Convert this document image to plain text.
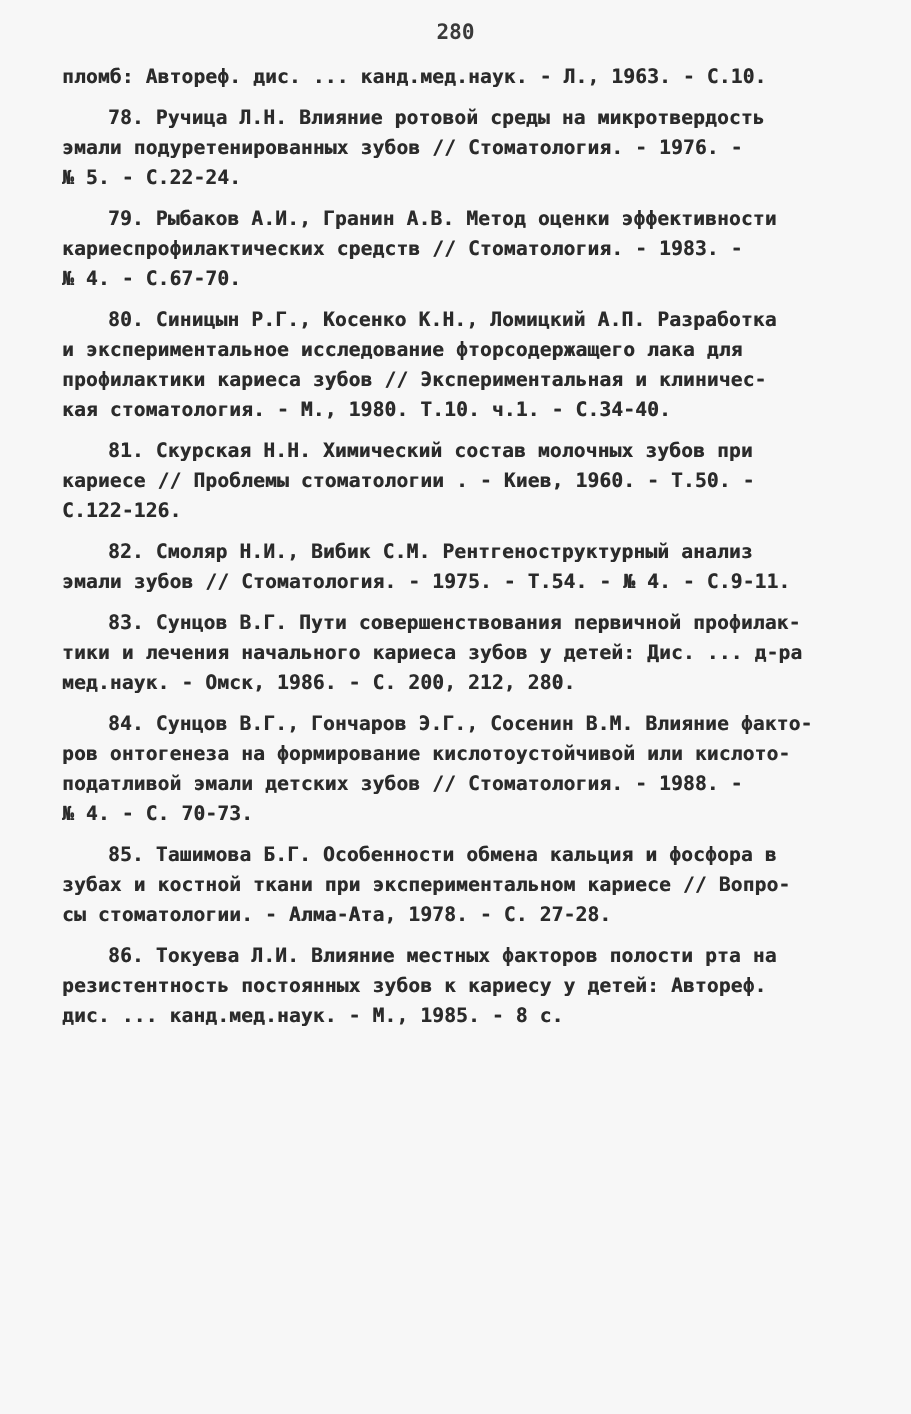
280
пломб: Автореф. дис. ... канд.мед.наук. - Л., 1963. - С.10.
78. Ручица Л.Н. Влияние ротовой среды на микротвердость
эмали подуретенированных зубов // Стоматология. - 1976. -
№ 5. - С.22-24.
79. Рыбаков А.И., Гранин А.В. Метод оценки эффективности
кариеспрофилактических средств // Стоматология. - 1983. -
№ 4. - С.67-70.
80. Синицын Р.Г., Косенко К.Н., Ломицкий А.П. Разработка
и экспериментальное исследование фторсодержащего лака для
профилактики кариеса зубов // Экспериментальная и клиничес-
кая стоматология. - М., 1980. Т.10. ч.1. - С.34-40.
81. Скурская Н.Н. Химический состав молочных зубов при
кариесе // Проблемы стоматологии . - Киев, 1960. - Т.50. -
С.122-126.
82. Смоляр Н.И., Вибик С.М. Рентгеноструктурный анализ
эмали зубов // Стоматология. - 1975. - Т.54. - № 4. - С.9-11.
83. Сунцов В.Г. Пути совершенствования первичной профилак-
тики и лечения начального кариеса зубов у детей: Дис. ... д-ра
мед.наук. - Омск, 1986. - С. 200, 212, 280.
84. Сунцов В.Г., Гончаров Э.Г., Сосенин В.М. Влияние факто-
ров онтогенеза на формирование кислотоустойчивой или кислото-
податливой эмали детских зубов // Стоматология. - 1988. -
№ 4. - С. 70-73.
85. Ташимова Б.Г. Особенности обмена кальция и фосфора в
зубах и костной ткани при экспериментальном кариесе // Вопро-
сы стоматологии. - Алма-Ата, 1978. - С. 27-28.
86. Токуева Л.И. Влияние местных факторов полости рта на
резистентность постоянных зубов к кариесу у детей: Автореф.
дис. ... канд.мед.наук. - М., 1985. - 8 с.
